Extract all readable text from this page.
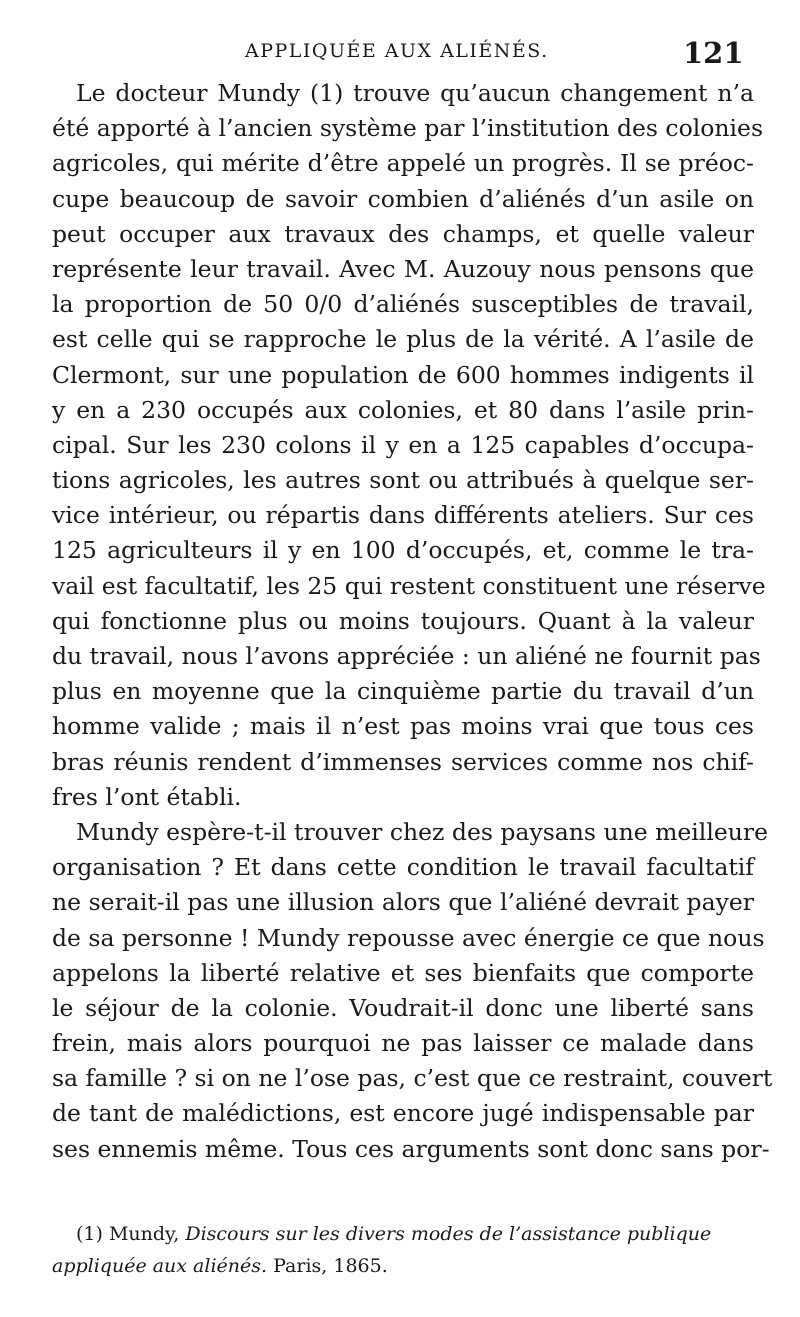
APPLIQUÉE AUX ALIÉNÉS.	121
Le docteur Mundy (1) trouve qu’aucun changement n’a
été apporté à l’ancien système par l’institution des colonies
agricoles, qui mérite d’être appelé un progrès. Il se préoc-
cupe beaucoup de savoir combien d’aliénés d’un asile on
peut occuper aux travaux des champs, et quelle valeur
représente leur travail. Avec M. Auzouy nous pensons que
la proportion de 50 0/0 d’aliénés susceptibles de travail,
est celle qui se rapproche le plus de la vérité. A l’asile de
Clermont, sur une population de 600 hommes indigents il
y en a 230 occupés aux colonies, et 80 dans l’asile prin-
cipal. Sur les 230 colons il y en a 125 capables d’occupa-
tions agricoles, les autres sont ou attribués à quelque ser-
vice intérieur, ou répartis dans différents ateliers. Sur ces
125 agriculteurs il y en 100 d’occupés, et, comme le tra-
vail est facultatif, les 25 qui restent constituent une réserve
qui fonctionne plus ou moins toujours. Quant à la valeur
du travail, nous l’avons appréciée : un aliéné ne fournit pas
plus en moyenne que la cinquième partie du travail d’un
homme valide ; mais il n’est pas moins vrai que tous ces
bras réunis rendent d’immenses services comme nos chif-
fres l’ont établi.
Mundy espère-t-il trouver chez des paysans une meilleure
organisation ? Et dans cette condition le travail facultatif
ne serait-il pas une illusion alors que l’aliéné devrait payer
de sa personne ! Mundy repousse avec énergie ce que nous
appelons la liberté relative et ses bienfaits que comporte
le séjour de la colonie. Voudrait-il donc une liberté sans
frein, mais alors pourquoi ne pas laisser ce malade dans
sa famille ? si on ne l’ose pas, c’est que ce restraint, couvert
de tant de malédictions, est encore jugé indispensable par
ses ennemis même. Tous ces arguments sont donc sans por-
(1) Mundy, Discours sur les divers modes de l’assistance publique
appliquée aux aliénés. Paris, 1865.
